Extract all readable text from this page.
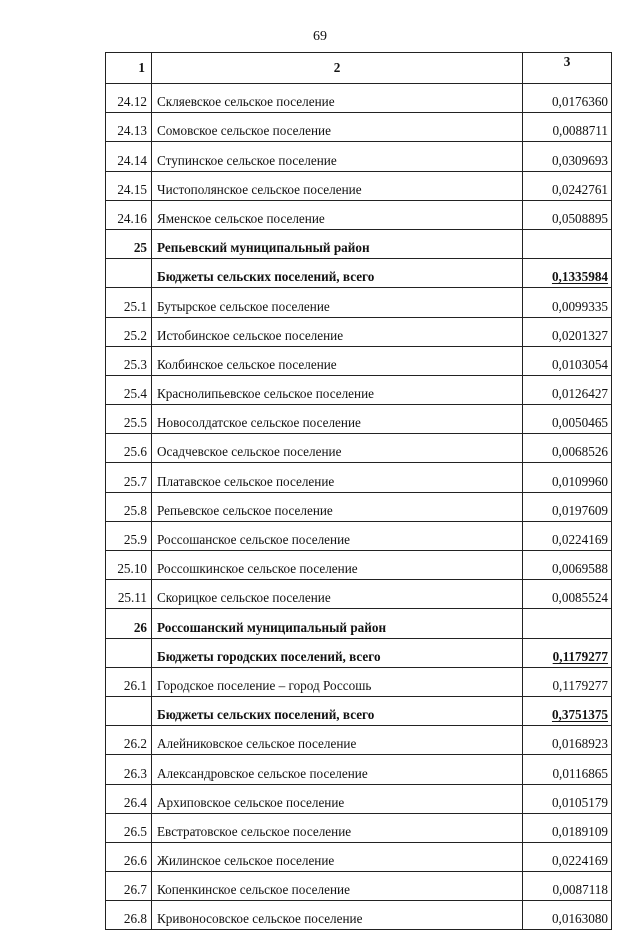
69
1	2	3
24.12	Скляевское сельское поселение	0,0176360
24.13	Сомовское сельское поселение	0,0088711
24.14	Ступинское сельское поселение	0,0309693
24.15	Чистополянское сельское поселение	0,0242761
24.16	Яменское сельское поселение	0,0508895
25	Репьевский муниципальный район	
	Бюджеты сельских поселений, всего	0,1335984
25.1	Бутырское сельское поселение	0,0099335
25.2	Истобинское сельское поселение	0,0201327
25.3	Колбинское сельское поселение	0,0103054
25.4	Краснолипьевское сельское поселение	0,0126427
25.5	Новосолдатское сельское поселение	0,0050465
25.6	Осадчевское сельское поселение	0,0068526
25.7	Платавское сельское поселение	0,0109960
25.8	Репьевское сельское поселение	0,0197609
25.9	Россошанское сельское поселение	0,0224169
25.10	Россошкинское сельское поселение	0,0069588
25.11	Скорицкое сельское поселение	0,0085524
26	Россошанский муниципальный район	
	Бюджеты городских поселений, всего	0,1179277
26.1	Городское поселение – город Россошь	0,1179277
	Бюджеты сельских поселений, всего	0,3751375
26.2	Алейниковское сельское поселение	0,0168923
26.3	Александровское сельское поселение	0,0116865
26.4	Архиповское сельское поселение	0,0105179
26.5	Евстратовское сельское поселение	0,0189109
26.6	Жилинское сельское поселение	0,0224169
26.7	Копенкинское сельское поселение	0,0087118
26.8	Кривоносовское сельское поселение	0,0163080
